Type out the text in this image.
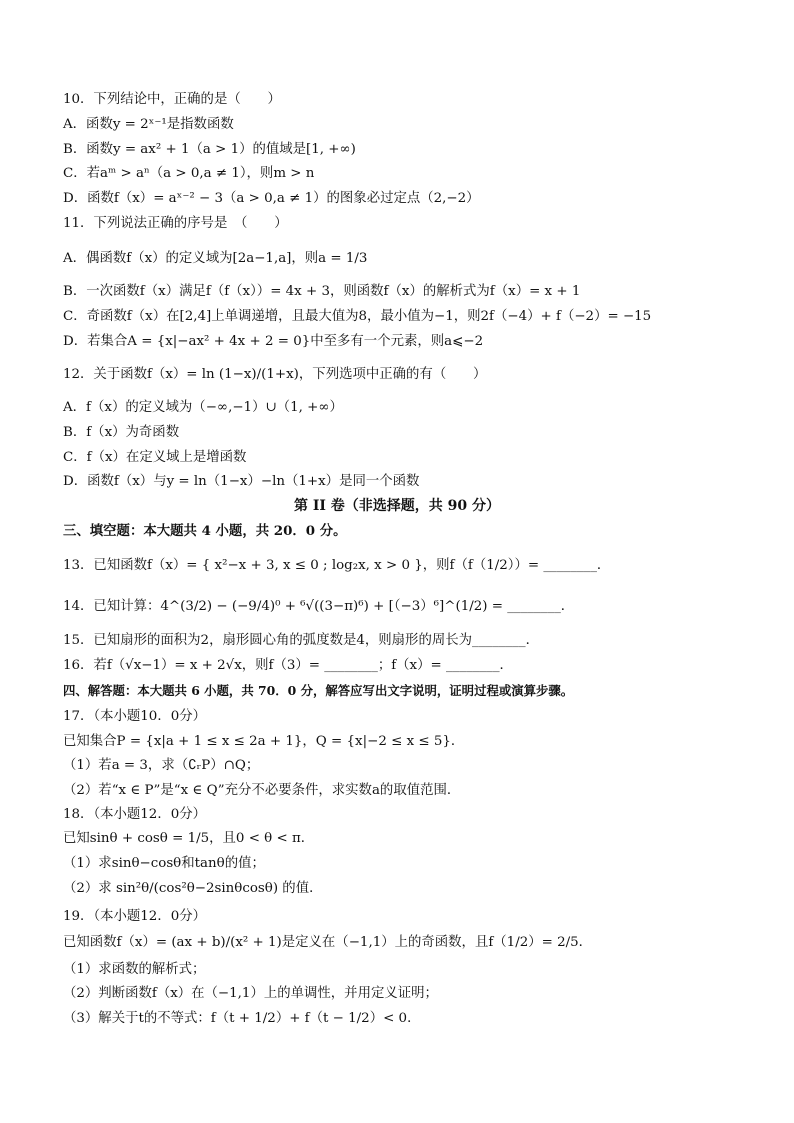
10．下列结论中，正确的是（　　）
A．函数y = 2ˣ⁻¹是指数函数
B．函数y = ax² + 1（a > 1）的值域是[1, +∞)
C．若aᵐ > aⁿ（a > 0,a ≠ 1），则m > n
D．函数f（x）= aˣ⁻² − 3（a > 0,a ≠ 1）的图象必过定点（2,−2）
11．下列说法正确的序号是　（　　）
A．偶函数f（x）的定义域为[2a−1,a]，则a = 1/3
B．一次函数f（x）满足f（f（x））= 4x + 3，则函数f（x）的解析式为f（x）= x + 1
C．奇函数f（x）在[2,4]上单调递增，且最大值为8，最小值为−1，则2f（−4）+ f（−2）= −15
D．若集合A = {x|−ax² + 4x + 2 = 0}中至多有一个元素，则a⩽−2
12．关于函数f（x）= ln (1−x)/(1+x)，下列选项中正确的有（　　）
A．f（x）的定义域为（−∞,−1）∪（1, +∞）
B．f（x）为奇函数
C．f（x）在定义域上是增函数
D．函数f（x）与y = ln（1−x）−ln（1+x）是同一个函数
第 II 卷（非选择题，共 90 分）
三、填空题：本大题共 4 小题，共 20．0 分。
13．已知函数f（x）= { x²−x + 3, x ≤ 0 ; log₂x, x > 0 }，则f（f（1/2））= ________．
14．已知计算：4^(3/2) − (−9/4)⁰ + ⁶√((3−π)⁶) + [（−3）⁶]^(1/2) = ________．
15．已知扇形的面积为2，扇形圆心角的弧度数是4，则扇形的周长为________．
16．若f（√x−1）= x + 2√x，则f（3）= ________；f（x）= ________．
四、解答题：本大题共 6 小题，共 70．0 分，解答应写出文字说明，证明过程或演算步骤。
17．（本小题10．0分）
已知集合P = {x|a + 1 ≤ x ≤ 2a + 1}，Q = {x|−2 ≤ x ≤ 5}．
（1）若a = 3，求（∁ᵣP）∩Q；
（2）若“x ∈ P”是“x ∈ Q”充分不必要条件，求实数a的取值范围．
18．（本小题12．0分）
已知sinθ + cosθ = 1/5，且0 < θ < π．
（1）求sinθ−cosθ和tanθ的值；
（2）求 sin²θ/(cos²θ−2sinθcosθ) 的值．
19．（本小题12．0分）
已知函数f（x）= (ax + b)/(x² + 1)是定义在（−1,1）上的奇函数，且f（1/2）= 2/5．
（1）求函数的解析式；
（2）判断函数f（x）在（−1,1）上的单调性，并用定义证明；
（3）解关于t的不等式：f（t + 1/2）+ f（t − 1/2）< 0．
